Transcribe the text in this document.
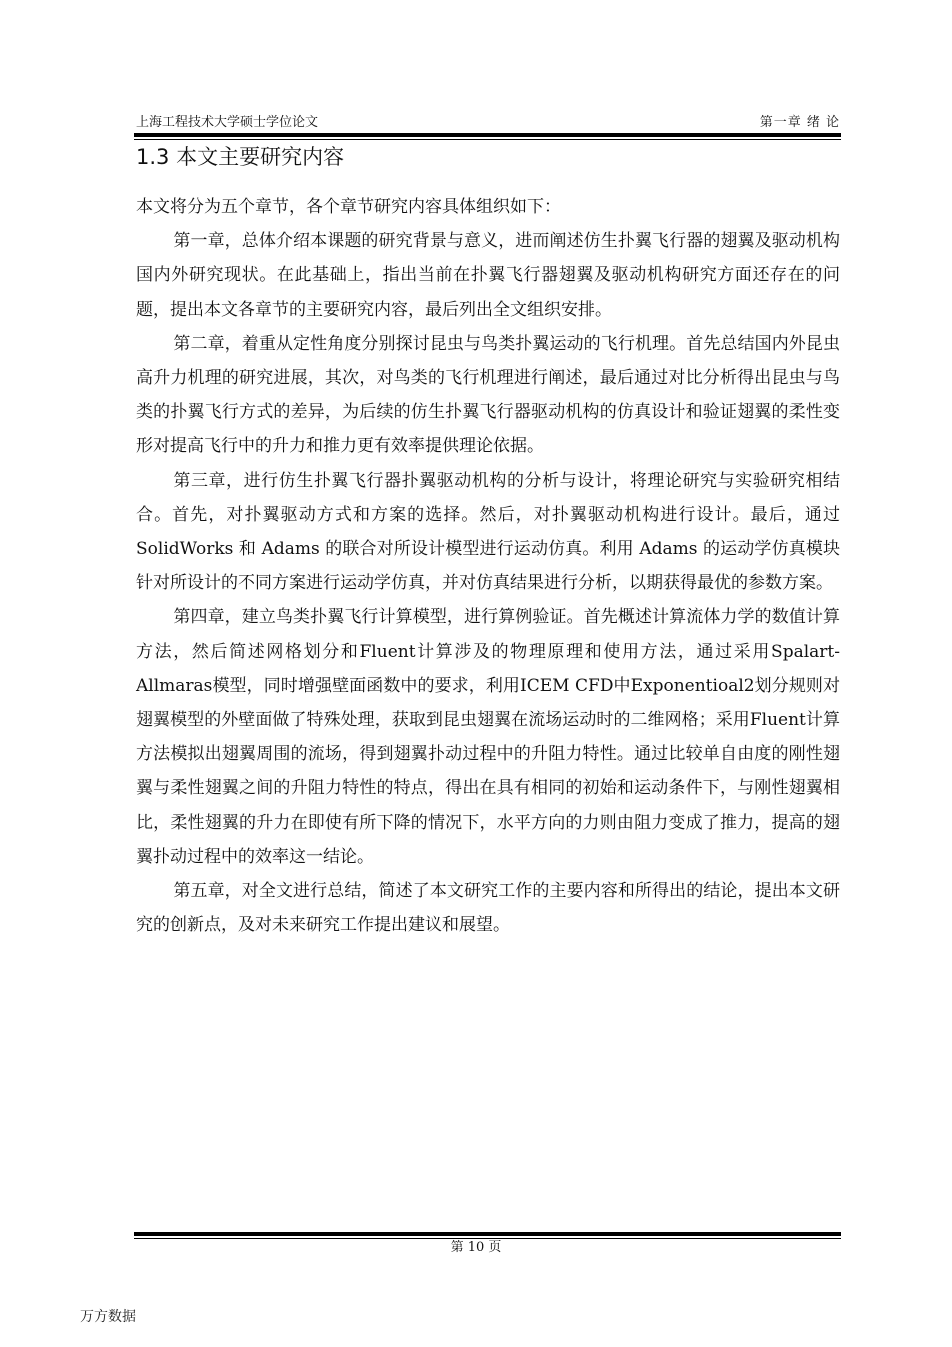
上海工程技术大学硕士学位论文	第一章 绪 论
1.3 本文主要研究内容

本文将分为五个章节，各个章节研究内容具体组织如下：

第一章，总体介绍本课题的研究背景与意义，进而阐述仿生扑翼飞行器的翅翼及驱动机构国内外研究现状。在此基础上，指出当前在扑翼飞行器翅翼及驱动机构研究方面还存在的问题，提出本文各章节的主要研究内容，最后列出全文组织安排。

第二章，着重从定性角度分别探讨昆虫与鸟类扑翼运动的飞行机理。首先总结国内外昆虫高升力机理的研究进展，其次，对鸟类的飞行机理进行阐述，最后通过对比分析得出昆虫与鸟类的扑翼飞行方式的差异，为后续的仿生扑翼飞行器驱动机构的仿真设计和验证翅翼的柔性变形对提高飞行中的升力和推力更有效率提供理论依据。

第三章，进行仿生扑翼飞行器扑翼驱动机构的分析与设计，将理论研究与实验研究相结合。首先，对扑翼驱动方式和方案的选择。然后，对扑翼驱动机构进行设计。最后，通过 SolidWorks 和 Adams 的联合对所设计模型进行运动仿真。利用 Adams 的运动学仿真模块针对所设计的不同方案进行运动学仿真，并对仿真结果进行分析，以期获得最优的参数方案。

第四章，建立鸟类扑翼飞行计算模型，进行算例验证。首先概述计算流体力学的数值计算方法，然后简述网格划分和Fluent计算涉及的物理原理和使用方法，通过采用Spalart-Allmaras模型，同时增强壁面函数中的要求，利用ICEM CFD中Exponentioal2划分规则对翅翼模型的外壁面做了特殊处理，获取到昆虫翅翼在流场运动时的二维网格；采用Fluent计算方法模拟出翅翼周围的流场，得到翅翼扑动过程中的升阻力特性。通过比较单自由度的刚性翅翼与柔性翅翼之间的升阻力特性的特点，得出在具有相同的初始和运动条件下，与刚性翅翼相比，柔性翅翼的升力在即使有所下降的情况下，水平方向的力则由阻力变成了推力，提高的翅翼扑动过程中的效率这一结论。

第五章，对全文进行总结，简述了本文研究工作的主要内容和所得出的结论，提出本文研究的创新点，及对未来研究工作提出建议和展望。

第 10 页
万方数据
